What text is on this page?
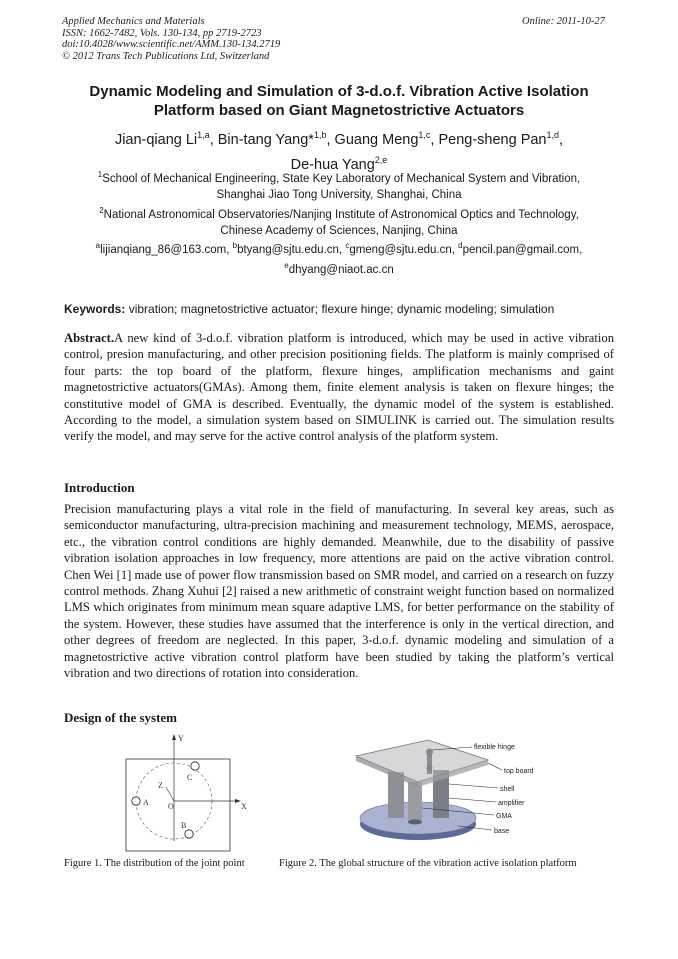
Applied Mechanics and Materials
ISSN: 1662-7482, Vols. 130-134, pp 2719-2723
doi:10.4028/www.scientific.net/AMM.130-134.2719
© 2012 Trans Tech Publications Ltd, Switzerland
Online: 2011-10-27
Dynamic Modeling and Simulation of 3-d.o.f. Vibration Active Isolation
Platform based on Giant Magnetostrictive Actuators
Jian-qiang Li$^{1,a}$, Bin-tang Yang*$^{1,b}$, Guang Meng$^{1,c}$, Peng-sheng Pan$^{1,d}$,
De-hua Yang$^{2,e}$
$^1$School of Mechanical Engineering, State Key Laboratory of Mechanical System and Vibration,
Shanghai Jiao Tong University, Shanghai, China
$^2$National Astronomical Observatories/Nanjing Institute of Astronomical Optics and Technology,
Chinese Academy of Sciences, Nanjing, China
$^a$lijianqiang_86@163.com, $^b$btyang@sjtu.edu.cn, $^c$gmeng@sjtu.edu.cn, $^d$pencil.pan@gmail.com,
$^e$dhyang@niaot.ac.cn
Keywords: vibration; magnetostrictive actuator; flexure hinge; dynamic modeling; simulation
Abstract.A new kind of 3-d.o.f. vibration platform is introduced, which may be used in active vibration control, presion manufacturing, and other precision positioning fields. The platform is mainly comprised of four parts: the top board of the platform, flexure hinges, amplification mechanisms and gaint magnetostrictive actuators(GMAs). Among them, finite element analysis is taken on flexure hinges; the constitutive model of GMA is described. Eventually, the dynamic model of the system is established. According to the model, a simulation system based on SIMULINK is carried out. The simulation results verify the model, and may serve for the active control analysis of the platform system.
Introduction
Precision manufacturing plays a vital role in the field of manufacturing. In several key areas, such as semiconductor manufacturing, ultra-precision machining and measurement technology, MEMS, aerospace, etc., the vibration control conditions are highly demanded. Meanwhile, due to the disability of passive vibration isolation approaches in low frequency, more attentions are paid on the active vibration control. Chen Wei [1] made use of power flow transmission based on SMR model, and carried on a research on fuzzy control methods. Zhang Xuhui [2] raised a new arithmetic of constraint weight function based on normalized LMS which originates from minimum mean square adaptive LMS, for better performance on the stability of the system. However, these studies have assumed that the interference is only in the vertical direction, and other degrees of freedom are neglected. In this paper, 3-d.o.f. dynamic modeling and simulation of a magnetostrictive active vibration control platform have been studied by taking the platform’s vertical vibration and two directions of rotation into consideration.
Design of the system
Y
X
Z
O
A
B
C
Figure 1. The distribution of the joint point
flexible hinge
top board
shell
amplifier
GMA
base
Figure 2. The global structure of the vibration active isolation platform
